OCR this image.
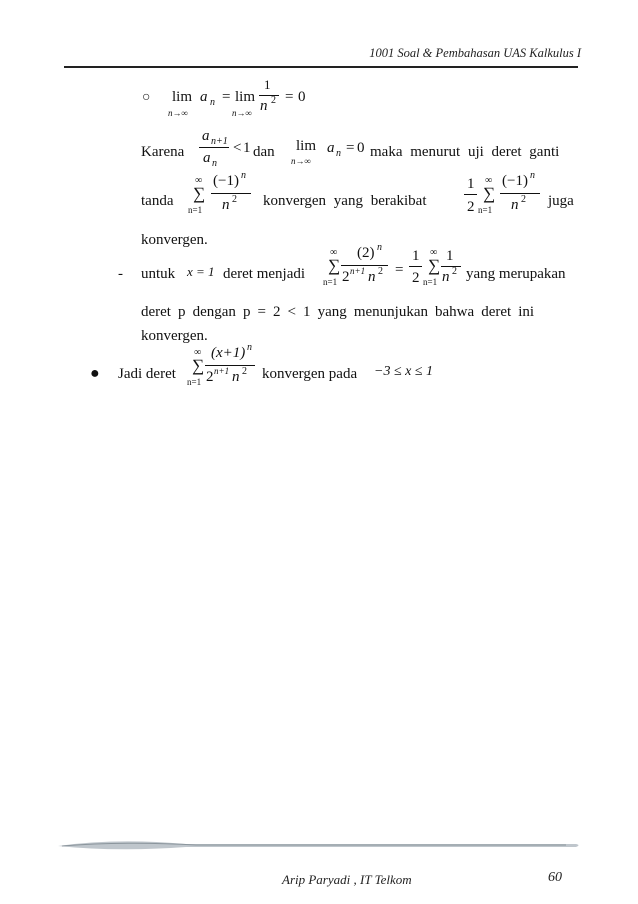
1001 Soal & Pembahasan UAS Kalkulus I
○ lim
n→∞
a n = lim
n→∞
1
n 2 = 0
Karena
a n+1
a n
< 1 dan lim
n→∞
a n = 0 maka menurut uji deret ganti
tanda
∞
∑
n=1
(−1) n
n 2 konvergen yang berakibat
1
2
∞
∑
n=1
(−1) n
n 2 juga
konvergen.
- untuk x = 1 deret menjadi
∞
∑
n=1
(2) n
2 n+1 n 2 =
1
2
∞
∑
n=1
1
n 2 yang merupakan
deret p dengan p = 2 < 1 yang menunjukan bahwa deret ini
konvergen.
● Jadi deret
∞
∑
n=1
(x+1) n
2 n+1 n 2 konvergen pada −3 ≤ x ≤ 1
Arip Paryadi , IT Telkom	60
